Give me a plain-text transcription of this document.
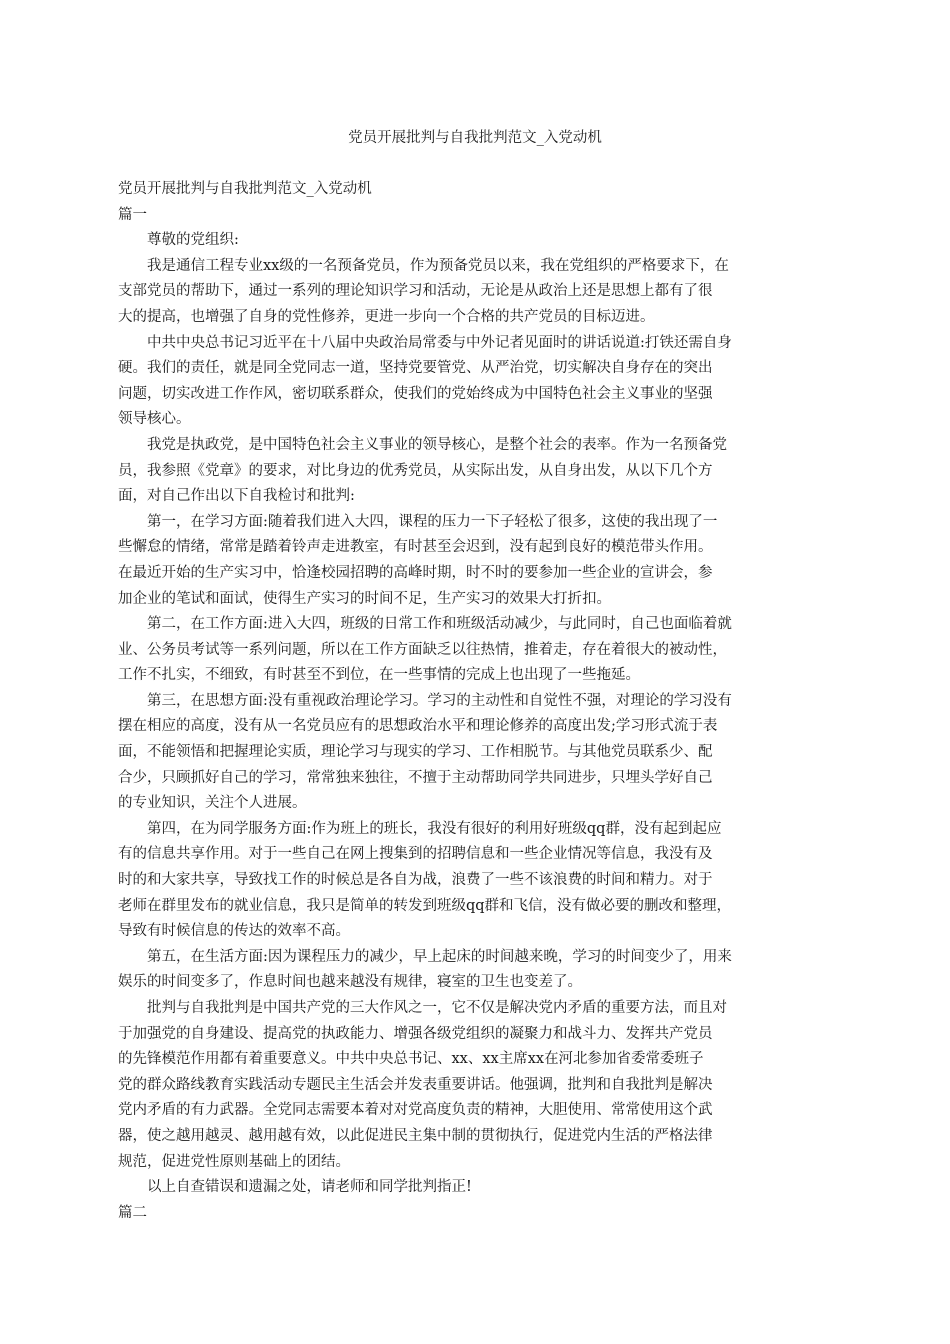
党员开展批判与自我批判范文_入党动机
党员开展批判与自我批判范文_入党动机
篇一
尊敬的党组织:
我是通信工程专业xx级的一名预备党员，作为预备党员以来，我在党组织的严格要求下，在
支部党员的帮助下，通过一系列的理论知识学习和活动，无论是从政治上还是思想上都有了很
大的提高，也增强了自身的党性修养，更进一步向一个合格的共产党员的目标迈进。
中共中央总书记习近平在十八届中央政治局常委与中外记者见面时的讲话说道:打铁还需自身
硬。我们的责任，就是同全党同志一道，坚持党要管党、从严治党，切实解决自身存在的突出
问题，切实改进工作作风，密切联系群众，使我们的党始终成为中国特色社会主义事业的坚强
领导核心。
我党是执政党，是中国特色社会主义事业的领导核心，是整个社会的表率。作为一名预备党
员，我参照《党章》的要求，对比身边的优秀党员，从实际出发，从自身出发，从以下几个方
面，对自己作出以下自我检讨和批判:
第一，在学习方面:随着我们进入大四，课程的压力一下子轻松了很多，这使的我出现了一
些懈怠的情绪，常常是踏着铃声走进教室，有时甚至会迟到，没有起到良好的模范带头作用。
在最近开始的生产实习中，恰逢校园招聘的高峰时期，时不时的要参加一些企业的宣讲会，参
加企业的笔试和面试，使得生产实习的时间不足，生产实习的效果大打折扣。
第二，在工作方面:进入大四，班级的日常工作和班级活动减少，与此同时，自己也面临着就
业、公务员考试等一系列问题，所以在工作方面缺乏以往热情，推着走，存在着很大的被动性，
工作不扎实，不细致，有时甚至不到位，在一些事情的完成上也出现了一些拖延。
第三，在思想方面:没有重视政治理论学习。学习的主动性和自觉性不强，对理论的学习没有
摆在相应的高度，没有从一名党员应有的思想政治水平和理论修养的高度出发;学习形式流于表
面，不能领悟和把握理论实质，理论学习与现实的学习、工作相脱节。与其他党员联系少、配
合少，只顾抓好自己的学习，常常独来独往，不擅于主动帮助同学共同进步，只埋头学好自己
的专业知识，关注个人进展。
第四，在为同学服务方面:作为班上的班长，我没有很好的利用好班级qq群，没有起到起应
有的信息共享作用。对于一些自己在网上搜集到的招聘信息和一些企业情况等信息，我没有及
时的和大家共享，导致找工作的时候总是各自为战，浪费了一些不该浪费的时间和精力。对于
老师在群里发布的就业信息，我只是简单的转发到班级qq群和飞信，没有做必要的删改和整理，
导致有时候信息的传达的效率不高。
第五，在生活方面:因为课程压力的减少，早上起床的时间越来晚，学习的时间变少了，用来
娱乐的时间变多了，作息时间也越来越没有规律，寝室的卫生也变差了。
批判与自我批判是中国共产党的三大作风之一，它不仅是解决党内矛盾的重要方法，而且对
于加强党的自身建设、提高党的执政能力、增强各级党组织的凝聚力和战斗力、发挥共产党员
的先锋模范作用都有着重要意义。中共中央总书记、xx、xx主席xx在河北参加省委常委班子
党的群众路线教育实践活动专题民主生活会并发表重要讲话。他强调，批判和自我批判是解决
党内矛盾的有力武器。全党同志需要本着对对党高度负责的精神，大胆使用、常常使用这个武
器，使之越用越灵、越用越有效，以此促进民主集中制的贯彻执行，促进党内生活的严格法律
规范，促进党性原则基础上的团结。
以上自查错误和遗漏之处，请老师和同学批判指正!
篇二
